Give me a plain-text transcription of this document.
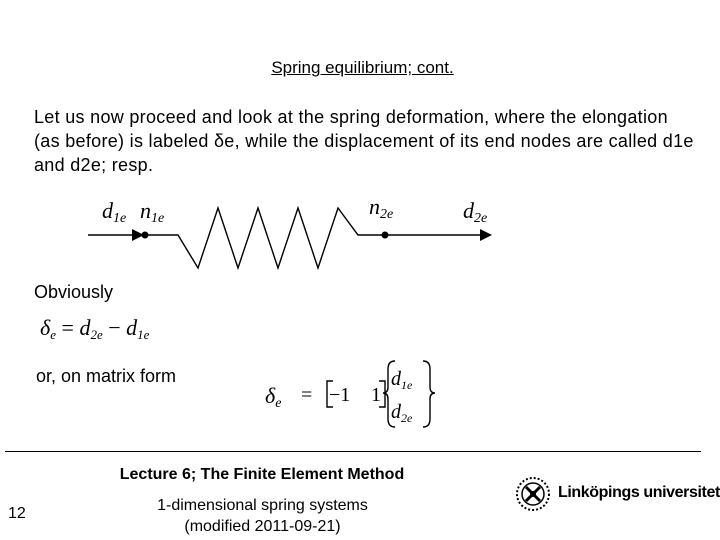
Spring equilibrium; cont.
Let us now proceed and look at the spring deformation, where the elongation (as before) is labeled δe, while the displacement of its end nodes are called d1e and d2e; resp.
d1e n1e	n2e	d2e
Obviously
$\delta_e = d_{2e} - d_{1e}$
or, on matrix form
δe = −1 1
$d_{1e}$
$d_{2e}$
Lecture 6; The Finite Element Method
1-dimensional spring systems
(modified 2011-09-21)
12
Linköpings universitet
